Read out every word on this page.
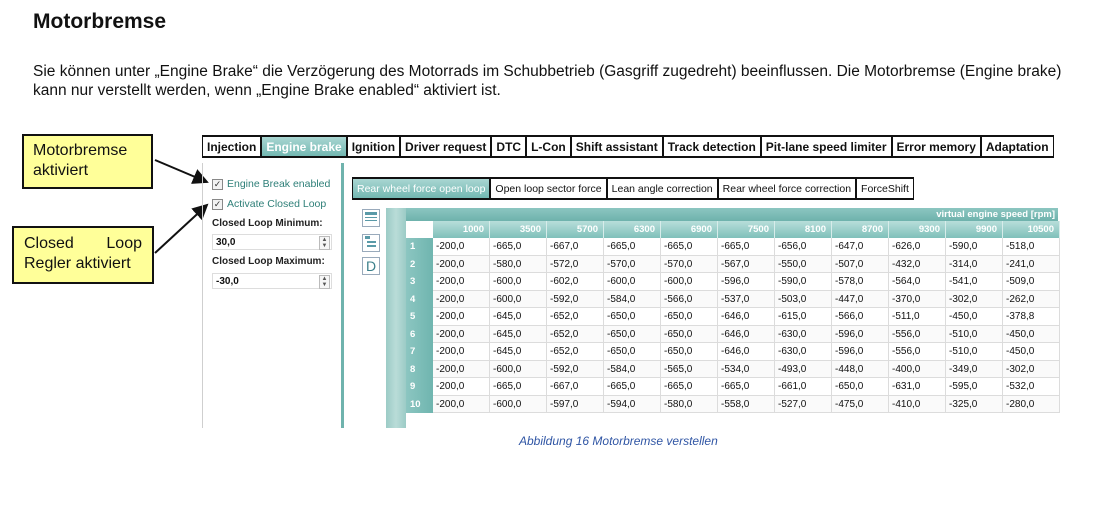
Motorbremse
Sie können unter „Engine Brake“ die Verzögerung des Motorrads im Schubbetrieb (Gasgriff zugedreht) beeinflussen. Die Motorbremse (Engine brake) kann nur verstellt werden, wenn „Engine Brake enabled“ aktiviert ist.
Motorbremse
aktiviert
Closed Loop
Regler aktiviert
Injection Engine brake Ignition Driver request DTC L-Con Shift assistant Track detection Pit-lane speed limiter Error memory Adaptation
✓ Engine Break enabled
✓ Activate Closed Loop
Closed Loop Minimum:
30,0	▲
▼
Closed Loop Maximum:
-30,0	▲
▼
Rear wheel force open loop Open loop sector force Lean angle correction Rear wheel force correction ForceShift
D
virtual engine speed [rpm]
1000	3500	5700	6300	6900	7500	8100	8700	9300	9900	10500
1	-200,0	-665,0	-667,0	-665,0	-665,0	-665,0	-656,0	-647,0	-626,0	-590,0	-518,0
2	-200,0	-580,0	-572,0	-570,0	-570,0	-567,0	-550,0	-507,0	-432,0	-314,0	-241,0
3	-200,0	-600,0	-602,0	-600,0	-600,0	-596,0	-590,0	-578,0	-564,0	-541,0	-509,0
4	-200,0	-600,0	-592,0	-584,0	-566,0	-537,0	-503,0	-447,0	-370,0	-302,0	-262,0
5	-200,0	-645,0	-652,0	-650,0	-650,0	-646,0	-615,0	-566,0	-511,0	-450,0	-378,8
6	-200,0	-645,0	-652,0	-650,0	-650,0	-646,0	-630,0	-596,0	-556,0	-510,0	-450,0
7	-200,0	-645,0	-652,0	-650,0	-650,0	-646,0	-630,0	-596,0	-556,0	-510,0	-450,0
8	-200,0	-600,0	-592,0	-584,0	-565,0	-534,0	-493,0	-448,0	-400,0	-349,0	-302,0
9	-200,0	-665,0	-667,0	-665,0	-665,0	-665,0	-661,0	-650,0	-631,0	-595,0	-532,0
10	-200,0	-600,0	-597,0	-594,0	-580,0	-558,0	-527,0	-475,0	-410,0	-325,0	-280,0
Abbildung 16 Motorbremse verstellen
